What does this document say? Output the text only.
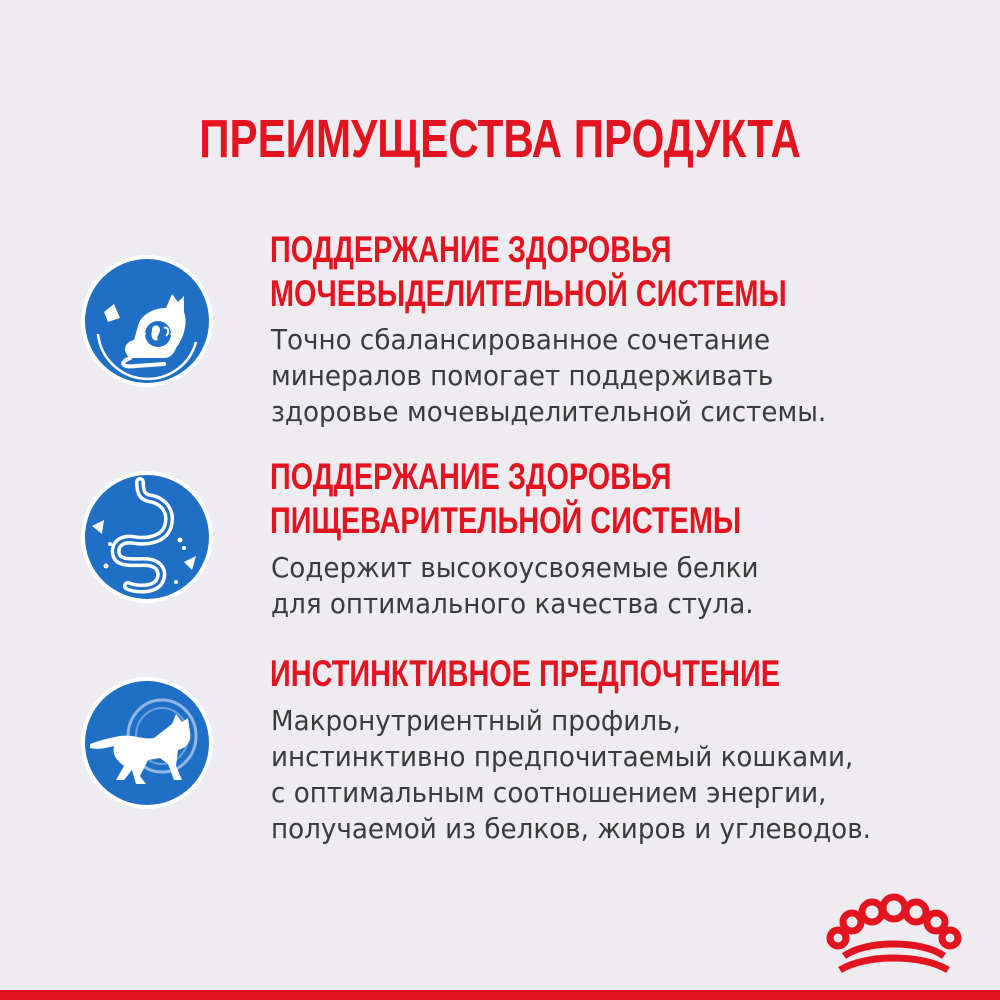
ПРЕИМУЩЕСТВА ПРОДУКТА
ПОДДЕРЖАНИЕ ЗДОРОВЬЯ
МОЧЕВЫДЕЛИТЕЛЬНОЙ СИСТЕМЫ
Точно сбалансированное сочетание
минералов помогает поддерживать
здоровье мочевыделительной системы.
ПОДДЕРЖАНИЕ ЗДОРОВЬЯ
ПИЩЕВАРИТЕЛЬНОЙ СИСТЕМЫ
Содержит высокоусвояемые белки
для оптимального качества стула.
ИНСТИНКТИВНОЕ ПРЕДПОЧТЕНИЕ
Макронутриентный профиль,
инстинктивно предпочитаемый кошками,
с оптимальным соотношением энергии,
получаемой из белков, жиров и углеводов.
